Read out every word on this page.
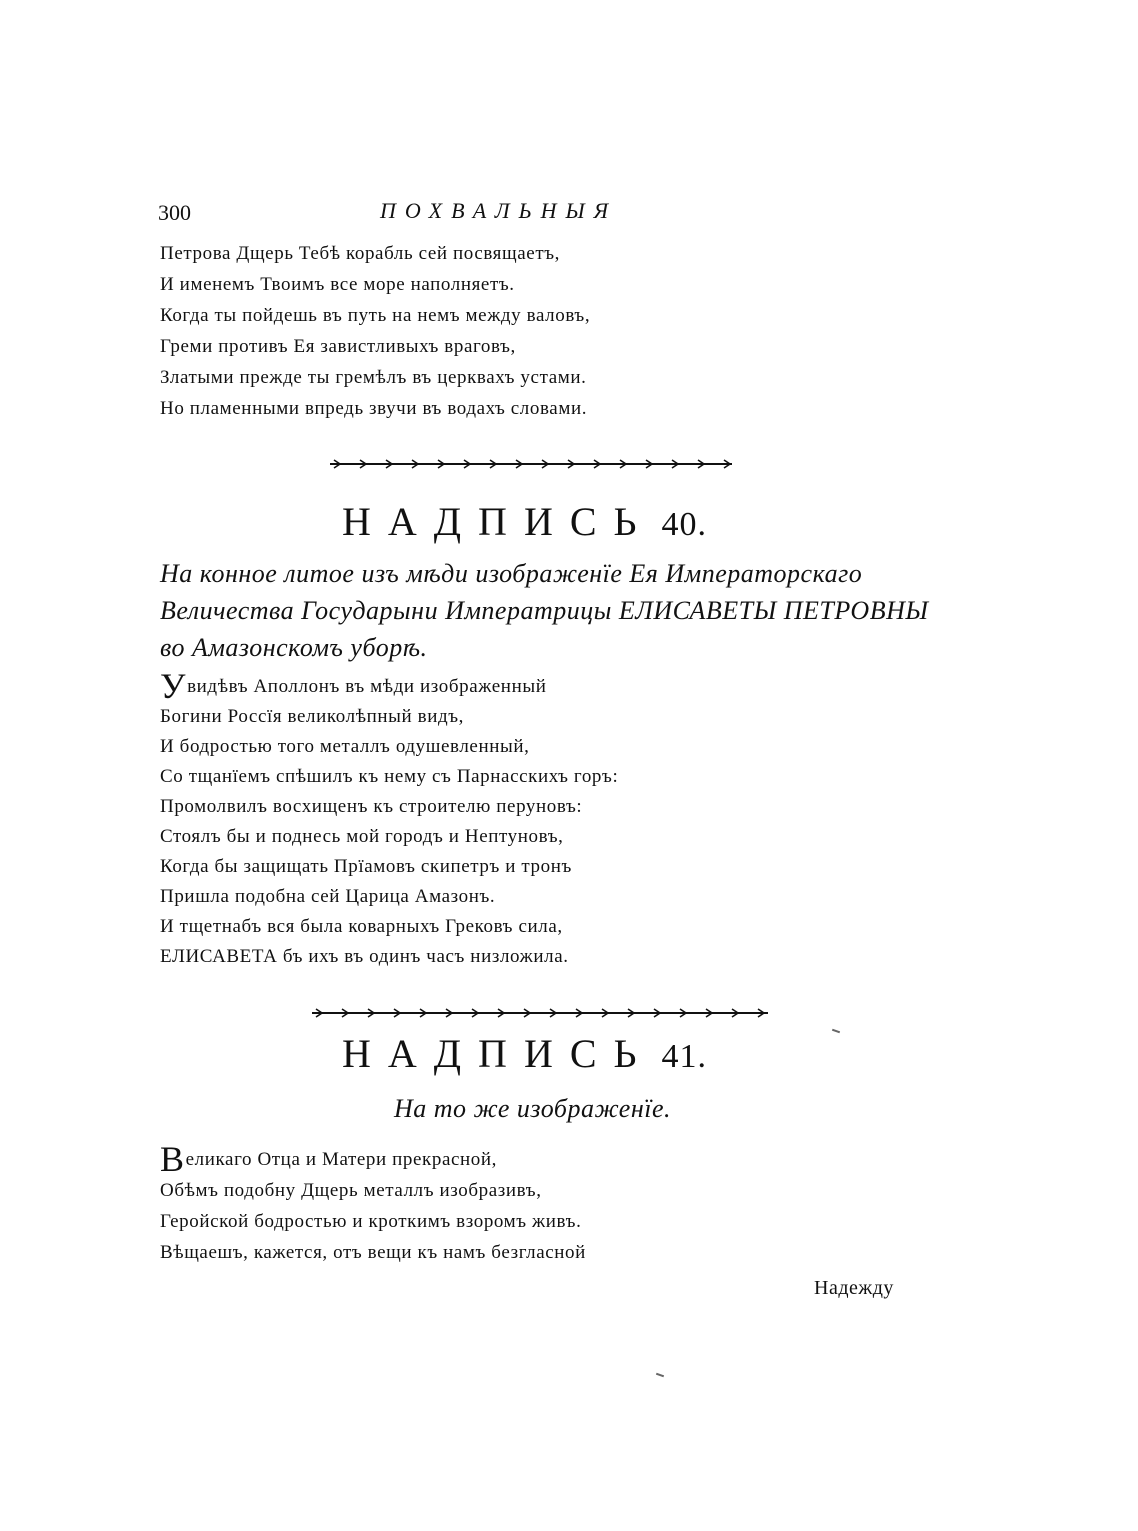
300	ПОХВАЛЬНЫЯ
Петрова Дщерь Тебѣ корабль сей посвящаетъ,
И именемъ Твоимъ все море наполняетъ.
Когда ты пойдешь въ путь на немъ между валовъ,
Греми противъ Ея завистливыхъ враговъ,
Златыми прежде ты гремѣлъ въ церквахъ устами.
Но пламенными впредь звучи въ водахъ словами.
НАДПИСЬ 40.

На конное литое изъ мѣди изображенїе Ея Императорскаго Величества Государыни Императрицы ЕЛИСАВЕТЫ ПЕТРОВНЫ во Амазонскомъ уборѣ.

Увидѣвъ Аполлонъ въ мѣди изображенный
Богини Россїя великолѣпный видъ,
И бодростью того металлъ одушевленный,
Со тщанїемъ спѣшилъ къ нему съ Парнасскихъ горъ:
Промолвилъ восхищенъ къ строителю перуновъ:
Стоялъ бы и поднесь мой городъ и Нептуновъ,
Когда бы защищать Прїамовъ скипетръ и тронъ
Пришла подобна сей Царица Амазонъ.
И тщетнабъ вся была коварныхъ Грековъ сила,
ЕЛИСАВЕТА бъ ихъ въ одинъ часъ низложила.
НАДПИСЬ 41.

На то же изображенїе.

Великаго Отца и Матери прекрасной,
Обѣмъ подобну Дщерь металлъ изобразивъ,
Геройской бодростью и кроткимъ взоромъ живъ.
Вѣщаешъ, кажется, отъ вещи къ намъ безгласной
Надежду
